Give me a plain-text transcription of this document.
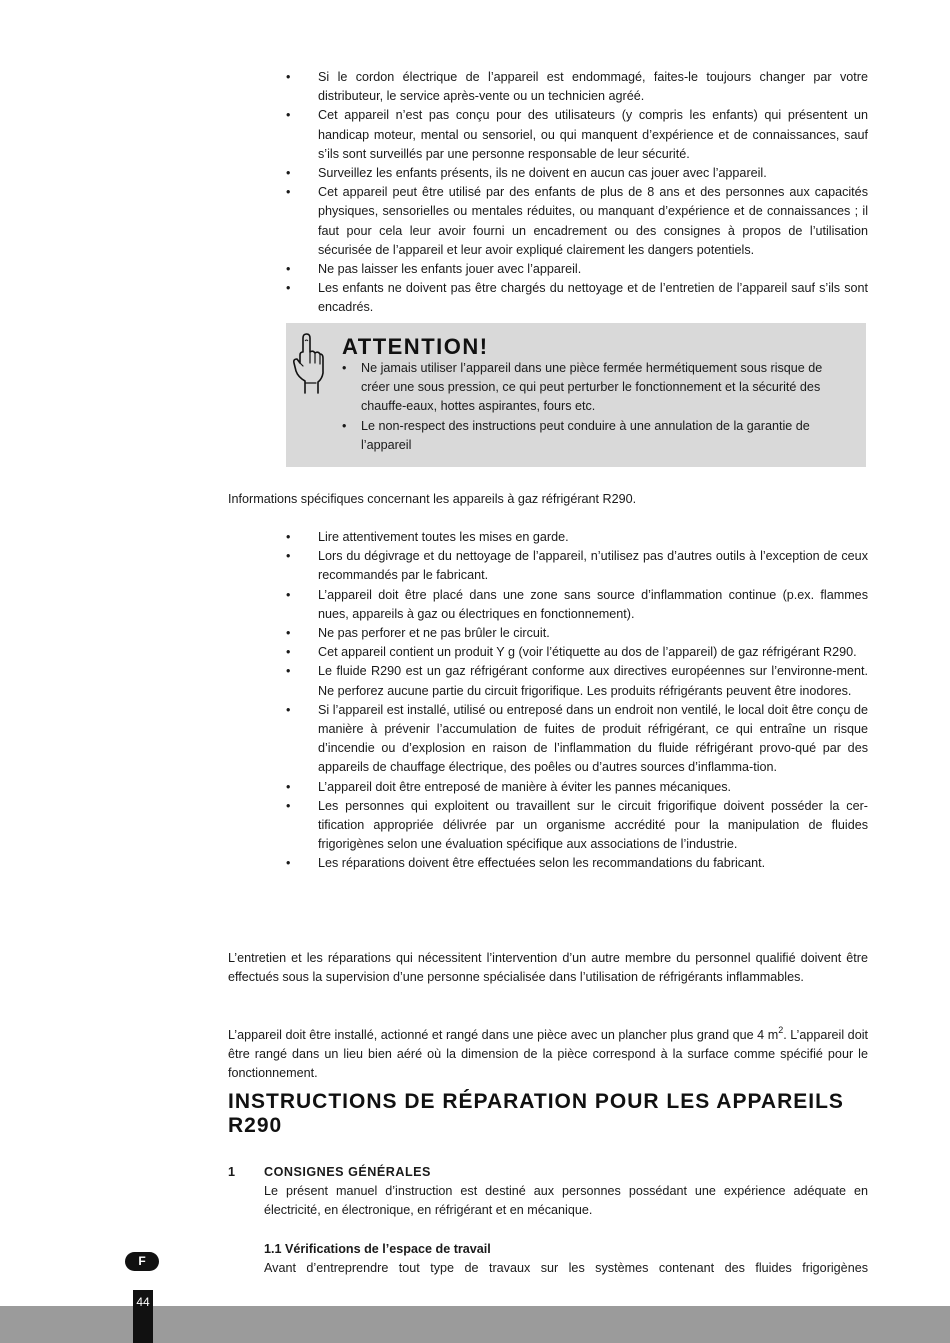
• Si le cordon électrique de l’appareil est endommagé, faites-le toujours changer par votre distributeur, le service après-vente ou un technicien agréé.
• Cet appareil n’est pas conçu pour des utilisateurs (y compris les enfants) qui présentent un handicap moteur, mental ou sensoriel, ou qui manquent d’expérience et de connaissances, sauf s’ils sont surveillés par une personne responsable de leur sécurité.
• Surveillez les enfants présents, ils ne doivent en aucun cas jouer avec l’appareil.
• Cet appareil peut être utilisé par des enfants de plus de 8 ans et des personnes aux capacités physiques, sensorielles ou mentales réduites, ou manquant d’expérience et de connaissances ; il faut pour cela leur avoir fourni un encadrement ou des consignes à propos de l’utilisation sécurisée de l’appareil et leur avoir expliqué clairement les dangers potentiels.
• Ne pas laisser les enfants jouer avec l’appareil.
• Les enfants ne doivent pas être chargés du nettoyage et de l’entretien de l’appareil sauf s’ils sont encadrés.
ATTENTION!
• Ne jamais utiliser l’appareil dans une pièce fermée hermétiquement sous risque de créer une sous pression, ce qui peut perturber le fonctionnement et la sécurité des chauffe-eaux, hottes aspirantes, fours etc.
• Le non-respect des instructions peut conduire à une annulation de la garantie de l’appareil

Informations spécifiques concernant les appareils à gaz réfrigérant R290.

• Lire attentivement toutes les mises en garde.
• Lors du dégivrage et du nettoyage de l’appareil, n’utilisez pas d’autres outils à l’exception de ceux recommandés par le fabricant.
• L’appareil doit être placé dans une zone sans source d’inflammation continue (p.ex. flammes nues, appareils à gaz ou électriques en fonctionnement).
• Ne pas perforer et ne pas brûler le circuit.
• Cet appareil contient un produit Y g (voir l’étiquette au dos de l’appareil) de gaz réfrigérant R290.
• Le fluide R290 est un gaz réfrigérant conforme aux directives européennes sur l’environne-ment. Ne perforez aucune partie du circuit frigorifique. Les produits réfrigérants peuvent être inodores.
• Si l’appareil est installé, utilisé ou entreposé dans un endroit non ventilé, le local doit être conçu de manière à prévenir l’accumulation de fuites de produit réfrigérant, ce qui entraîne un risque d’incendie ou d’explosion en raison de l’inflammation du fluide réfrigérant provo-qué par des appareils de chauffage électrique, des poêles ou d’autres sources d’inflamma-tion.
• L’appareil doit être entreposé de manière à éviter les pannes mécaniques.
• Les personnes qui exploitent ou travaillent sur le circuit frigorifique doivent posséder la cer-tification appropriée délivrée par un organisme accrédité pour la manipulation de fluides frigorigènes selon une évaluation spécifique aux associations de l’industrie.
• Les réparations doivent être effectuées selon les recommandations du fabricant.

L’entretien et les réparations qui nécessitent l’intervention d’un autre membre du personnel qualifié doivent être effectués sous la supervision d’une personne spécialisée dans l’utilisation de réfrigérants inflammables.

L’appareil doit être installé, actionné et rangé dans une pièce avec un plancher plus grand que 4 $m^2$. L’appareil doit être rangé dans un lieu bien aéré où la dimension de la pièce correspond à la surface comme spécifié pour le fonctionnement.

INSTRUCTIONS DE RÉPARATION POUR LES APPAREILS R290
1 CONSIGNES GÉNÉRALES

Le présent manuel d’instruction est destiné aux personnes possédant une expérience adéquate en électricité, en électronique, en réfrigérant et en mécanique.

1.1 Vérifications de l’espace de travail

Avant d’entreprendre tout type de travaux sur les systèmes contenant des fluides frigorigènes

F
44
